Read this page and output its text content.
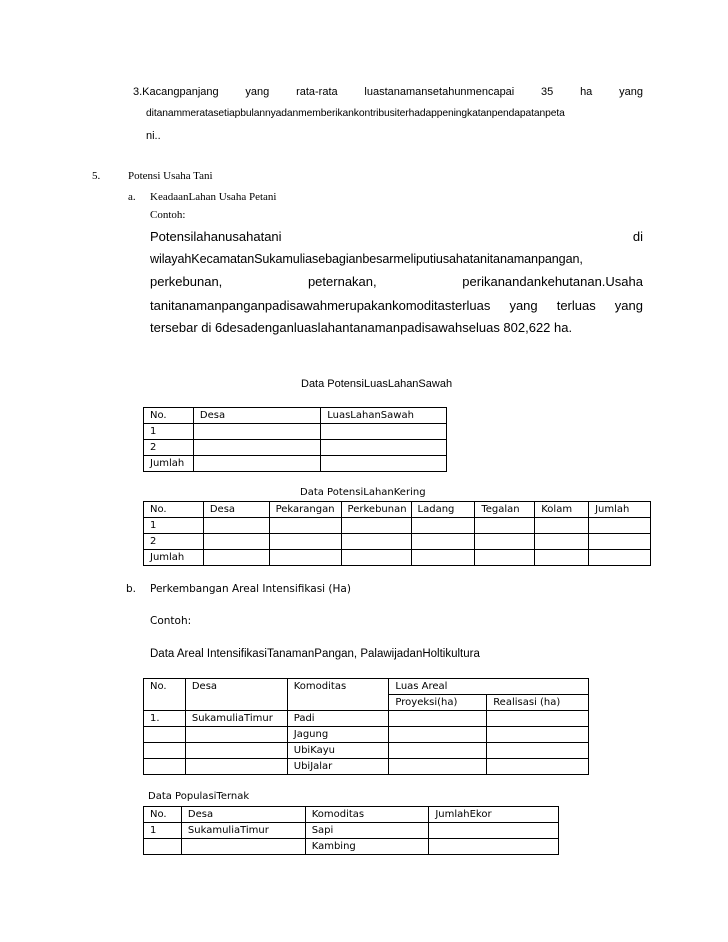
3.Kacangpanjang yang rata-rata luastanamansetahunmencapai 35 ha yang
ditanammeratasetiapbulannyadanmemberikankontribusiterhadappeningkatanpendapatanpeta
ni..
5.	Potensi Usaha Tani
a. KeadaanLahan Usaha Petani
Contoh:
Potensilahanusahatani	di
wilayahKecamatanSukamuliasebagianbesarmeliputiusahatanitanamanpangan,
perkebunan,	peternakan,	perikanandankehutanan.Usaha
tanitanamanpanganpadisawahmerupakankomoditasterluas yang terluas yang
tersebar di 6desadenganluaslahantanamanpadisawahseluas 802,622 ha.
Data PotensiLuasLahanSawah
No.	Desa	LuasLahanSawah
1		
2		
Jumlah		
Data PotensiLahanKering
No.	Desa	Pekarangan	Perkebunan	Ladang	Tegalan	Kolam	Jumlah
1							
2							
Jumlah							
b. Perkembangan Areal Intensifikasi (Ha)
Contoh:
Data Areal IntensifikasiTanamanPangan, PalawijadanHoltikultura
No.	Desa	Komoditas	Luas Areal	
			Proyeksi(ha)	Realisasi (ha)
1.	SukamuliaTimur	Padi		
		Jagung		
		UbiKayu		
		UbiJalar		
Data PopulasiTernak
No.	Desa	Komoditas	JumlahEkor
1	SukamuliaTimur	Sapi	
		Kambing	
